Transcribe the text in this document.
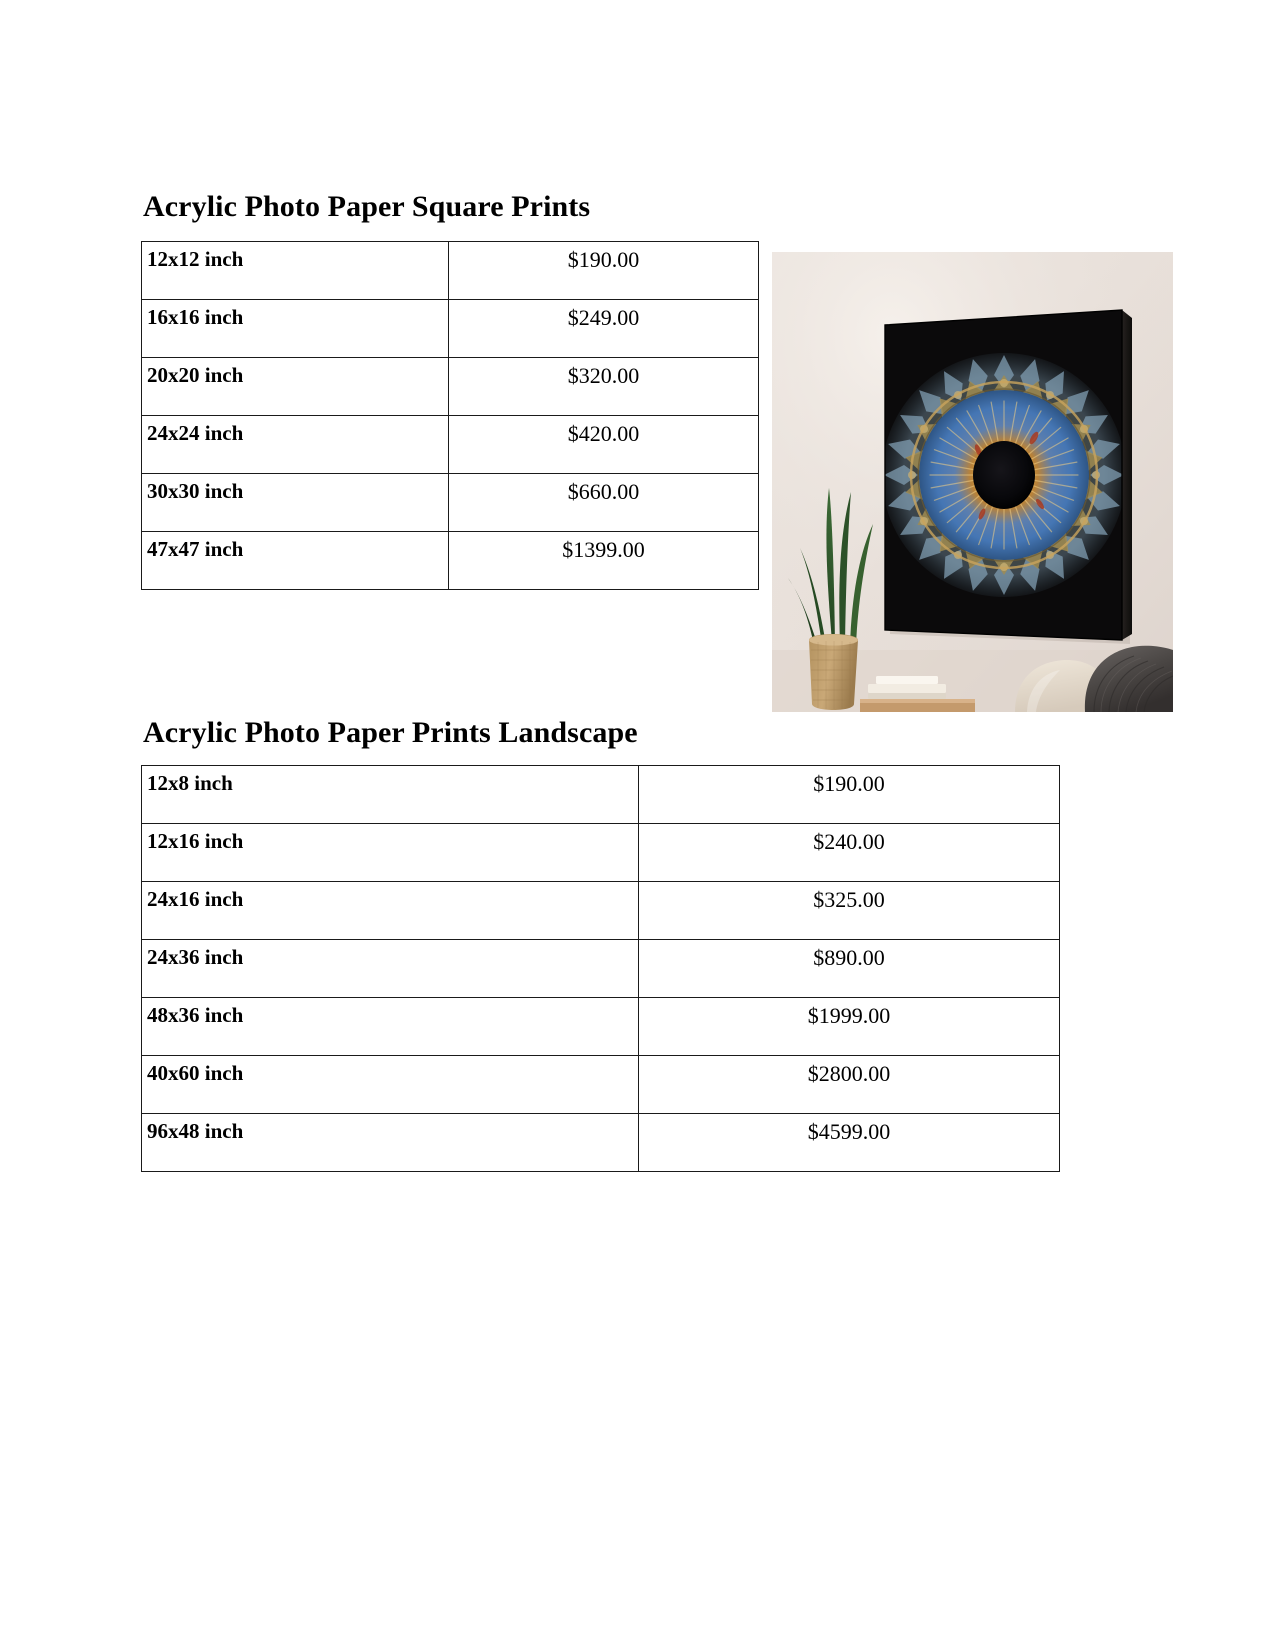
Acrylic Photo Paper Square Prints
12x12 inch	$190.00
16x16 inch	$249.00
20x20 inch	$320.00
24x24 inch	$420.00
30x30 inch	$660.00
47x47 inch	$1399.00
Acrylic Photo Paper Prints Landscape
12x8 inch	$190.00
12x16 inch	$240.00
24x16 inch	$325.00
24x36 inch	$890.00
48x36 inch	$1999.00
40x60 inch	$2800.00
96x48 inch	$4599.00
